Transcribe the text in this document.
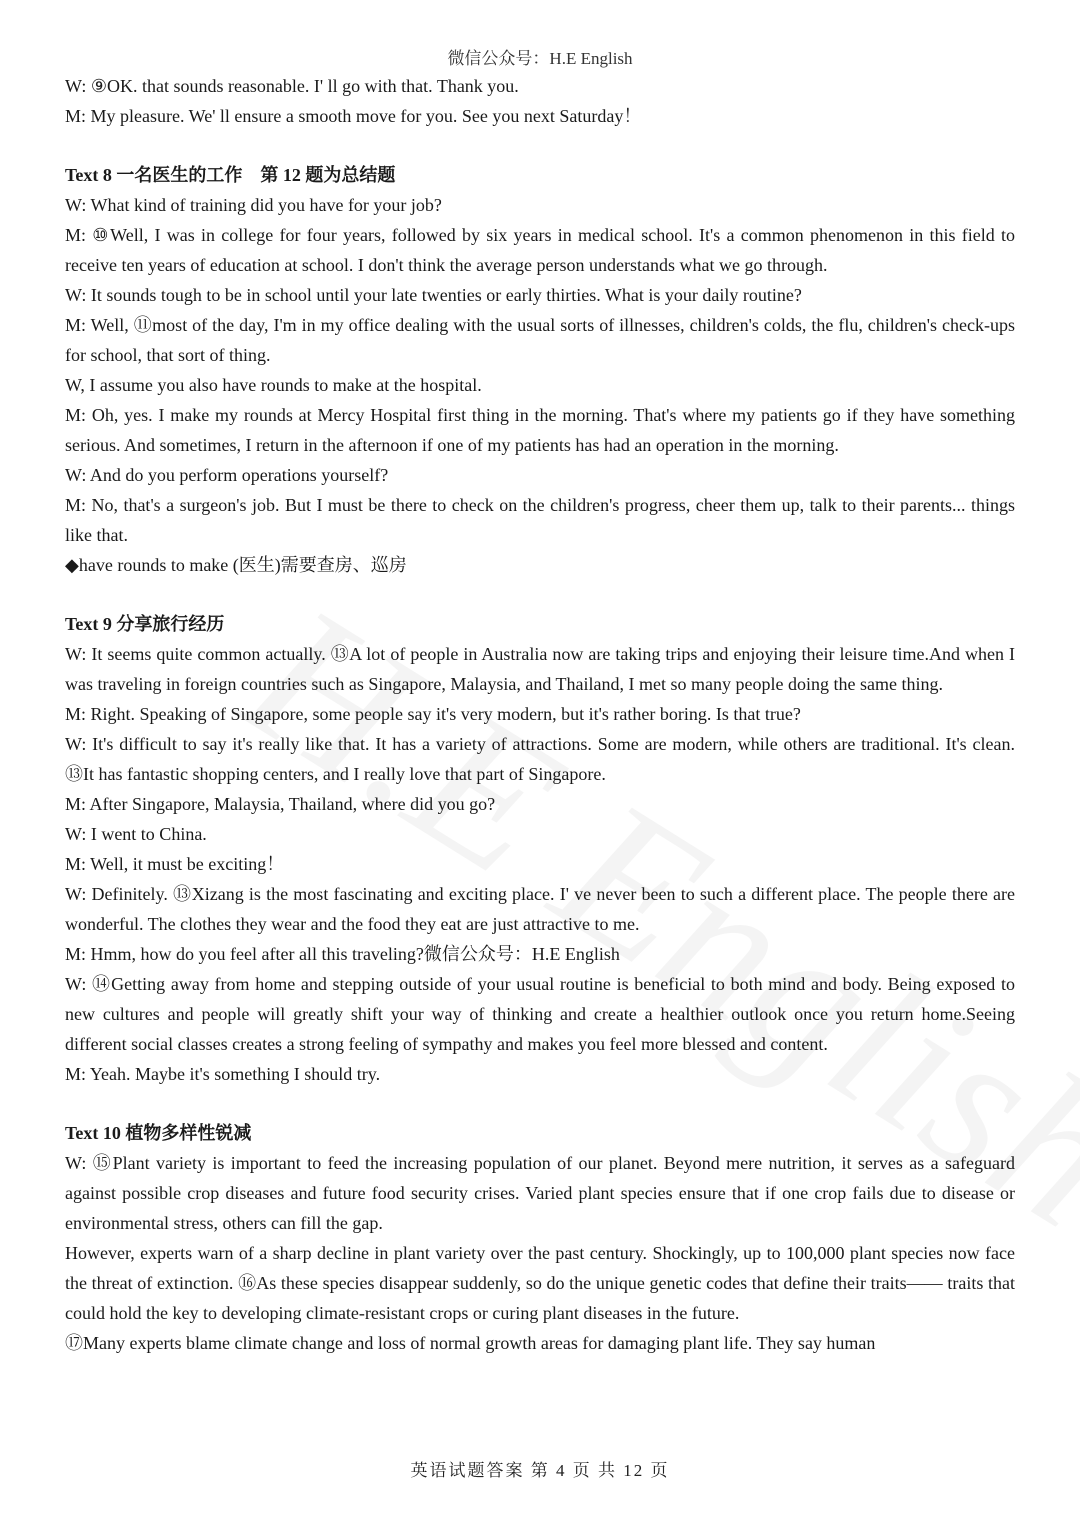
微信公众号：H.E English

W: ⑨OK. that sounds reasonable. I' ll go with that. Thank you.

M: My pleasure. We' ll ensure a smooth move for you. See you next Saturday！

Text 8 一名医生的工作　第 12 题为总结题

W: What kind of training did you have for your job?

M: ⑩Well, I was in college for four years, followed by six years in medical school. It's a common phenomenon in this field to receive ten years of education at school. I don't think the average person understands what we go through.

W: It sounds tough to be in school until your late twenties or early thirties. What is your daily routine?

M: Well, ⑪most of the day, I'm in my office dealing with the usual sorts of illnesses, children's colds, the flu, children's check-ups for school, that sort of thing.

W, I assume you also have rounds to make at the hospital.

M: Oh, yes. I make my rounds at Mercy Hospital first thing in the morning. That's where my patients go if they have something serious. And sometimes, I return in the afternoon if one of my patients has had an operation in the morning.

W: And do you perform operations yourself?

M: No, that's a surgeon's job. But I must be there to check on the children's progress, cheer them up, talk to their parents... things like that.

◆have rounds to make (医生)需要查房、巡房

Text 9 分享旅行经历

W: It seems quite common actually. ⑬A lot of people in Australia now are taking trips and enjoying their leisure time.And when I was traveling in foreign countries such as Singapore, Malaysia, and Thailand, I met so many people doing the same thing.

M: Right. Speaking of Singapore, some people say it's very modern, but it's rather boring. Is that true?

W: It's difficult to say it's really like that. It has a variety of attractions. Some are modern, while others are traditional. It's clean. ⑬It has fantastic shopping centers, and I really love that part of Singapore.

M: After Singapore, Malaysia, Thailand, where did you go?

W: I went to China.

M: Well, it must be exciting！

W: Definitely. ⑬Xizang is the most fascinating and exciting place. I' ve never been to such a different place. The people there are wonderful. The clothes they wear and the food they eat are just attractive to me.

M: Hmm, how do you feel after all this traveling?微信公众号：H.E English

W: ⑭Getting away from home and stepping outside of your usual routine is beneficial to both mind and body. Being exposed to new cultures and people will greatly shift your way of thinking and create a healthier outlook once you return home.Seeing different social classes creates a strong feeling of sympathy and makes you feel more blessed and content.

M: Yeah. Maybe it's something I should try.

Text 10 植物多样性锐减

W: ⑮Plant variety is important to feed the increasing population of our planet. Beyond mere nutrition, it serves as a safeguard against possible crop diseases and future food security crises. Varied plant species ensure that if one crop fails due to disease or environmental stress, others can fill the gap.

However, experts warn of a sharp decline in plant variety over the past century. Shockingly, up to 100,000 plant species now face the threat of extinction. ⑯As these species disappear suddenly, so do the unique genetic codes that define their traits—— traits that could hold the key to developing climate-resistant crops or curing plant diseases in the future.

⑰Many experts blame climate change and loss of normal growth areas for damaging plant life. They say human

英语试题答案 第 4 页 共 12 页
